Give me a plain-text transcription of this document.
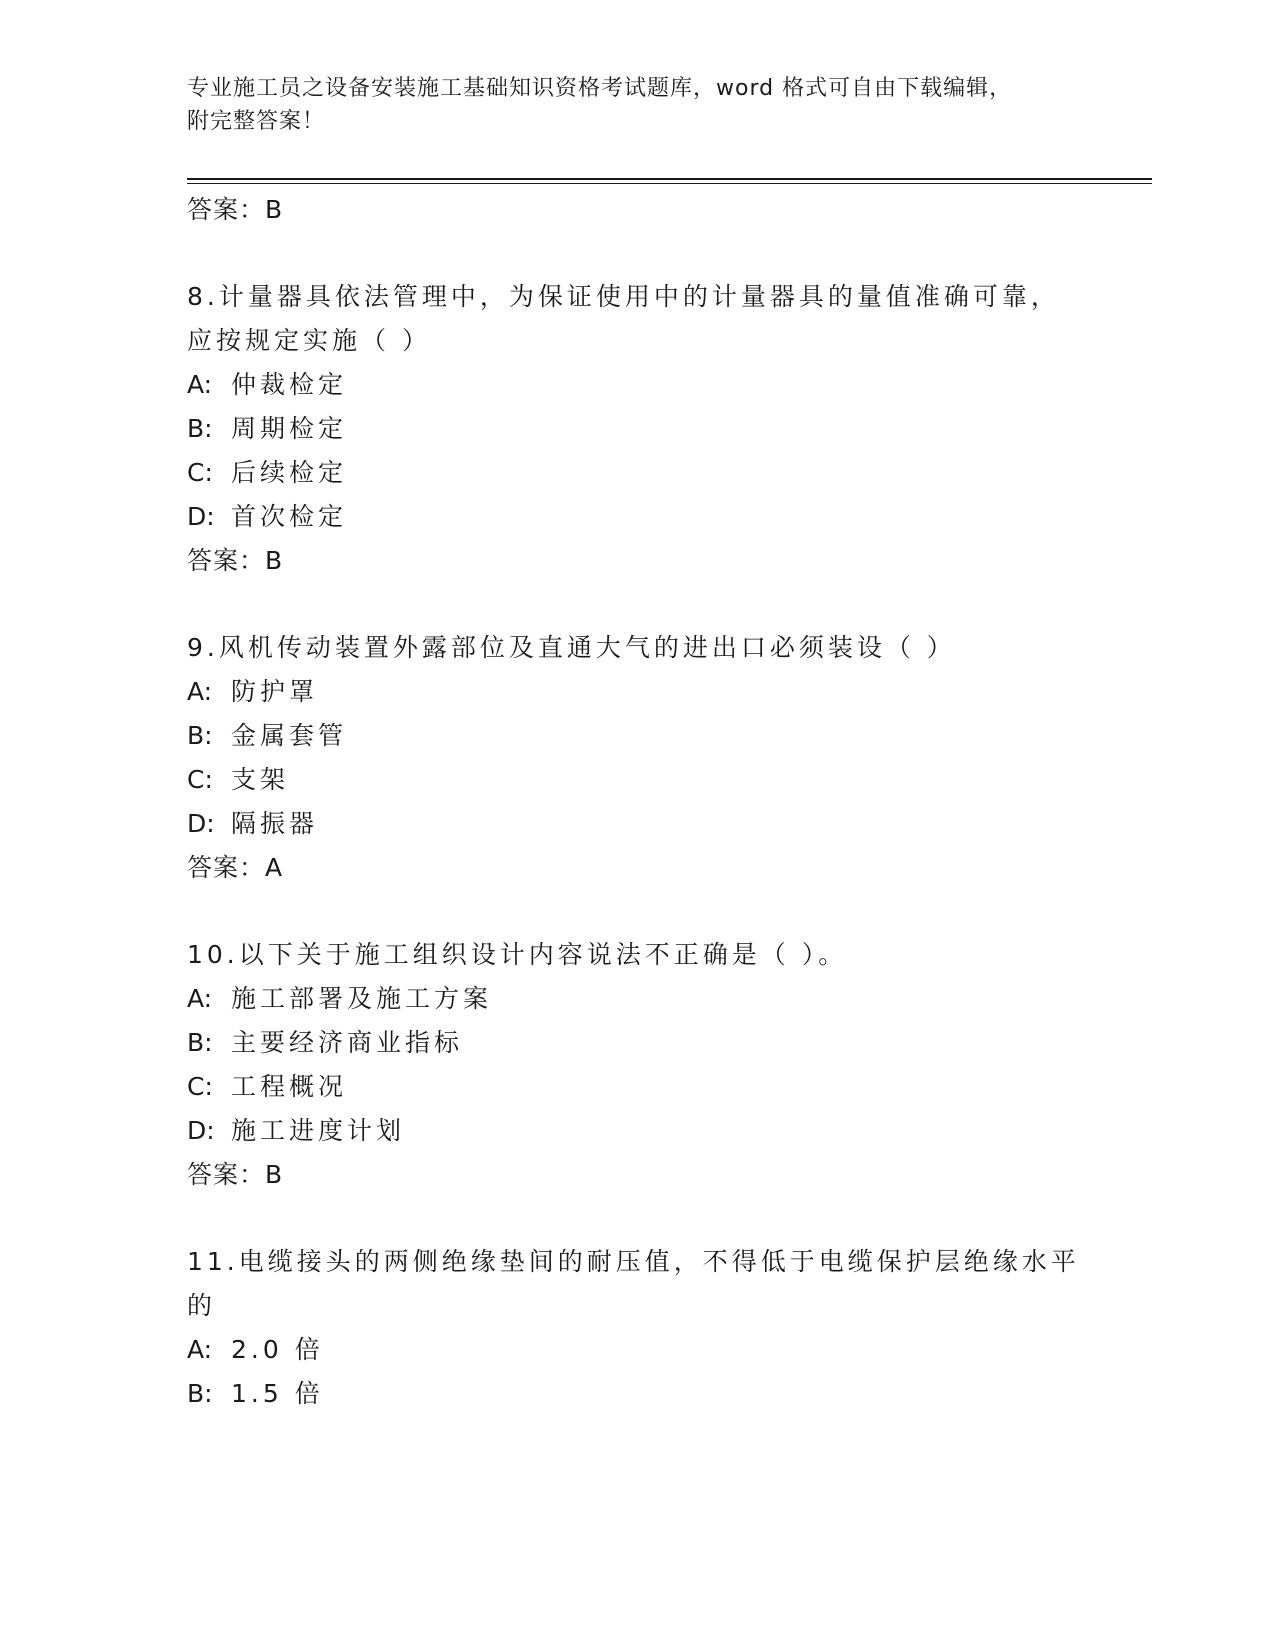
专业施工员之设备安装施工基础知识资格考试题库，word 格式可自由下载编辑，
附完整答案！
答案：B
8.计量器具依法管理中，为保证使用中的计量器具的量值准确可靠，
应按规定实施（ ）
A: 仲裁检定
B: 周期检定
C: 后续检定
D: 首次检定
答案：B
9.风机传动装置外露部位及直通大气的进出口必须装设（ ）
A: 防护罩
B: 金属套管
C: 支架
D: 隔振器
答案：A
10.以下关于施工组织设计内容说法不正确是（ ）。
A: 施工部署及施工方案
B: 主要经济商业指标
C: 工程概况
D: 施工进度计划
答案：B
11.电缆接头的两侧绝缘垫间的耐压值，不得低于电缆保护层绝缘水平
的
A: 2.0 倍
B: 1.5 倍
